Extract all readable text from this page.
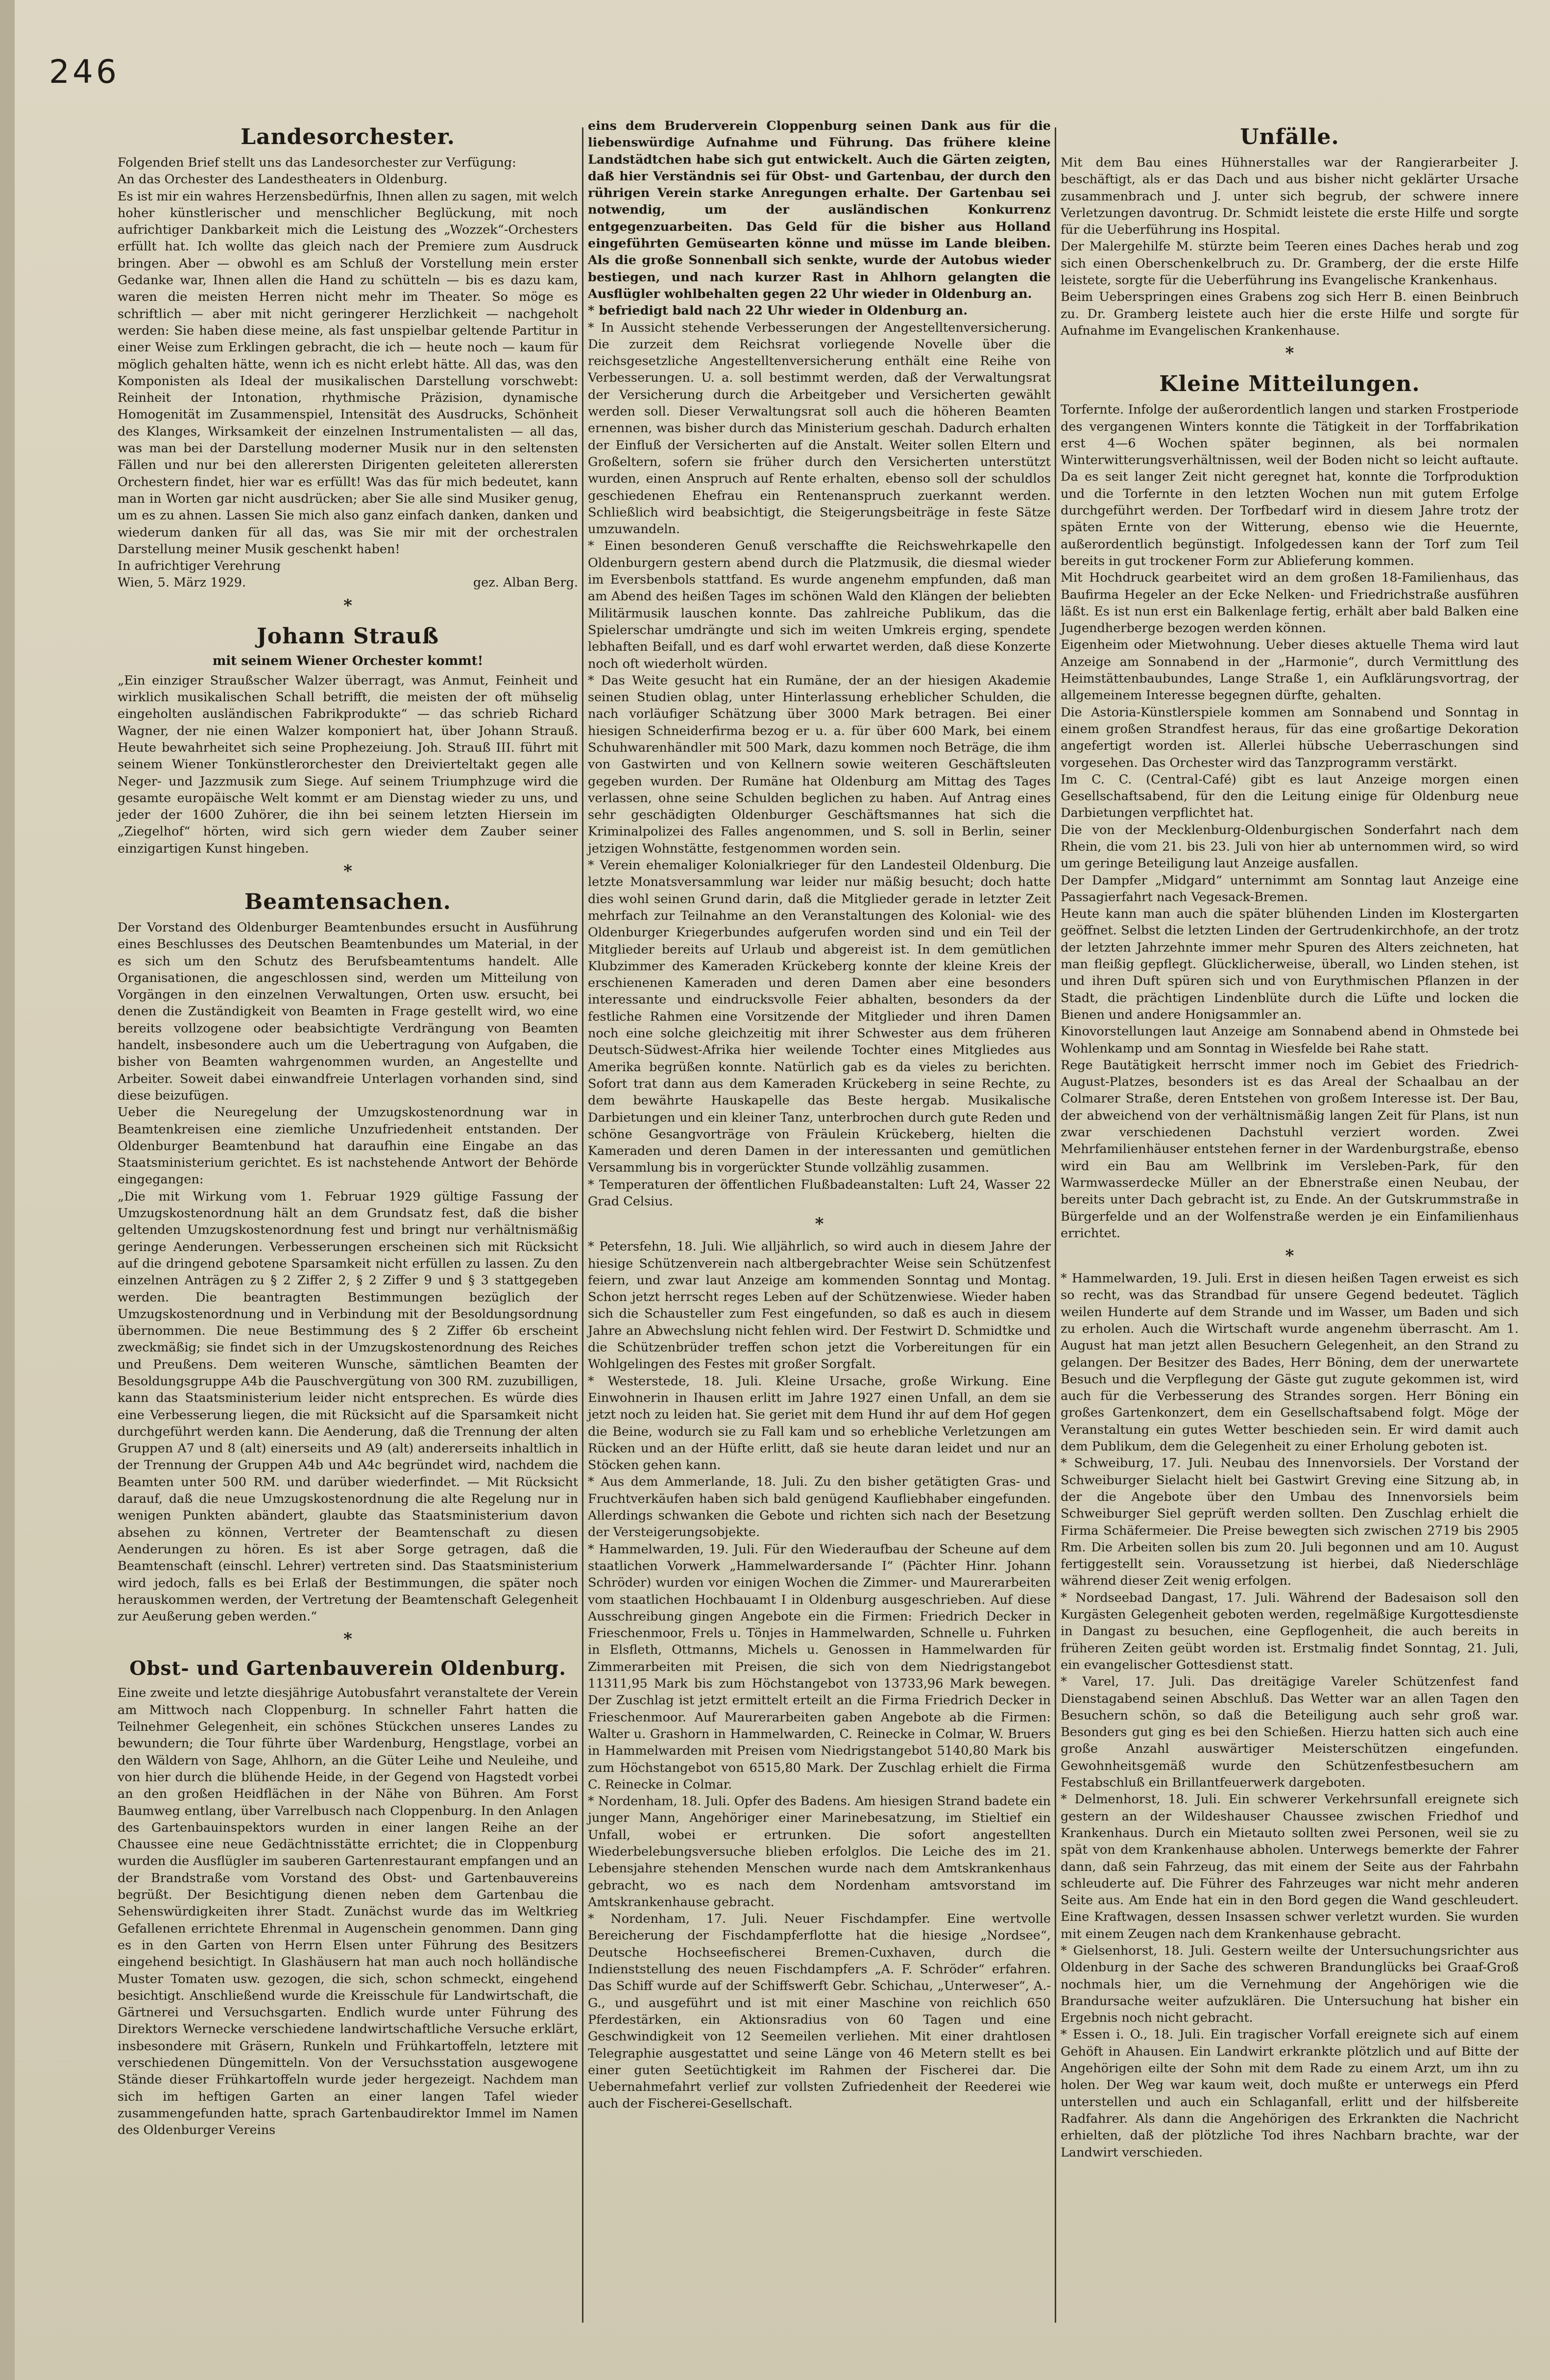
246
Landesorchester.
Folgenden Brief stellt uns das Landesorchester zur Verfügung:
An das Orchester des Landestheaters in Oldenburg.
Es ist mir ein wahres Herzensbedürfnis, Ihnen allen zu sagen, mit welch hoher künstlerischer und menschlicher Beglückung, mit noch aufrichtiger Dankbarkeit mich die Leistung des „Wozzek“-Orchesters erfüllt hat. Ich wollte das gleich nach der Premiere zum Ausdruck bringen. Aber — obwohl es am Schluß der Vorstellung mein erster Gedanke war, Ihnen allen die Hand zu schütteln — bis es dazu kam, waren die meisten Herren nicht mehr im Theater. So möge es schriftlich — aber mit nicht geringerer Herzlichkeit — nachgeholt werden: Sie haben diese meine, als fast unspielbar geltende Partitur in einer Weise zum Erklingen gebracht, die ich — heute noch — kaum für möglich gehalten hätte, wenn ich es nicht erlebt hätte. All das, was den Komponisten als Ideal der musikalischen Darstellung vorschwebt: Reinheit der Intonation, rhythmische Präzision, dynamische Homogenität im Zusammenspiel, Intensität des Ausdrucks, Schönheit des Klanges, Wirksamkeit der einzelnen Instrumentalisten — all das, was man bei der Darstellung moderner Musik nur in den seltensten Fällen und nur bei den allerersten Dirigenten geleiteten allerersten Orchestern findet, hier war es erfüllt! Was das für mich bedeutet, kann man in Worten gar nicht ausdrücken; aber Sie alle sind Musiker genug, um es zu ahnen. Lassen Sie mich also ganz einfach danken, danken und wiederum danken für all das, was Sie mir mit der orchestralen Darstellung meiner Musik geschenkt haben!
In aufrichtiger Verehrung
Wien, 5. März 1929.	gez. Alban Berg.
*
Johann Strauß
mit seinem Wiener Orchester kommt!
„Ein einziger Straußscher Walzer überragt, was Anmut, Feinheit und wirklich musikalischen Schall betrifft, die meisten der oft mühselig eingeholten ausländischen Fabrikprodukte“ — das schrieb Richard Wagner, der nie einen Walzer komponiert hat, über Johann Strauß. Heute bewahrheitet sich seine Prophezeiung. Joh. Strauß III. führt mit seinem Wiener Tonkünstlerorchester den Dreivierteltakt gegen alle Neger- und Jazzmusik zum Siege. Auf seinem Triumphzuge wird die gesamte europäische Welt kommt er am Dienstag wieder zu uns, und jeder der 1600 Zuhörer, die ihn bei seinem letzten Hiersein im „Ziegelhof“ hörten, wird sich gern wieder dem Zauber seiner einzigartigen Kunst hingeben.
*
Beamtensachen.
Der Vorstand des Oldenburger Beamtenbundes ersucht in Ausführung eines Beschlusses des Deutschen Beamtenbundes um Material, in der es sich um den Schutz des Berufsbeamtentums handelt. Alle Organisationen, die angeschlossen sind, werden um Mitteilung von Vorgängen in den einzelnen Verwaltungen, Orten usw. ersucht, bei denen die Zuständigkeit von Beamten in Frage gestellt wird, wo eine bereits vollzogene oder beabsichtigte Verdrängung von Beamten handelt, insbesondere auch um die Uebertragung von Aufgaben, die bisher von Beamten wahrgenommen wurden, an Angestellte und Arbeiter. Soweit dabei einwandfreie Unterlagen vorhanden sind, sind diese beizufügen.
Ueber die Neuregelung der Umzugskostenordnung war in Beamtenkreisen eine ziemliche Unzufriedenheit entstanden. Der Oldenburger Beamtenbund hat daraufhin eine Eingabe an das Staatsministerium gerichtet. Es ist nachstehende Antwort der Behörde eingegangen:
„Die mit Wirkung vom 1. Februar 1929 gültige Fassung der Umzugskostenordnung hält an dem Grundsatz fest, daß die bisher geltenden Umzugskostenordnung fest und bringt nur verhältnismäßig geringe Aenderungen. Verbesserungen erscheinen sich mit Rücksicht auf die dringend gebotene Sparsamkeit nicht erfüllen zu lassen. Zu den einzelnen Anträgen zu § 2 Ziffer 2, § 2 Ziffer 9 und § 3 stattgegeben werden. Die beantragten Bestimmungen bezüglich der Umzugskostenordnung und in Verbindung mit der Besoldungsordnung übernommen. Die neue Bestimmung des § 2 Ziffer 6b erscheint zweckmäßig; sie findet sich in der Umzugskostenordnung des Reiches und Preußens. Dem weiteren Wunsche, sämtlichen Beamten der Besoldungsgruppe A4b die Pauschvergütung von 300 RM. zuzubilligen, kann das Staatsministerium leider nicht entsprechen. Es würde dies eine Verbesserung liegen, die mit Rücksicht auf die Sparsamkeit nicht durchgeführt werden kann. Die Aenderung, daß die Trennung der alten Gruppen A7 und 8 (alt) einerseits und A9 (alt) andererseits inhaltlich in der Trennung der Gruppen A4b und A4c begründet wird, nachdem die Beamten unter 500 RM. und darüber wiederfindet. — Mit Rücksicht darauf, daß die neue Umzugskostenordnung die alte Regelung nur in wenigen Punkten abändert, glaubte das Staatsministerium davon absehen zu können, Vertreter der Beamtenschaft zu diesen Aenderungen zu hören. Es ist aber Sorge getragen, daß die Beamtenschaft (einschl. Lehrer) vertreten sind. Das Staatsministerium wird jedoch, falls es bei Erlaß der Bestimmungen, die später noch herauskommen werden, der Vertretung der Beamtenschaft Gelegenheit zur Aeußerung geben werden.“
*
Obst- und Gartenbauverein Oldenburg.
Eine zweite und letzte diesjährige Autobusfahrt veranstaltete der Verein am Mittwoch nach Cloppenburg. In schneller Fahrt hatten die Teilnehmer Gelegenheit, ein schönes Stückchen unseres Landes zu bewundern; die Tour führte über Wardenburg, Hengstlage, vorbei an den Wäldern von Sage, Ahlhorn, an die Güter Leihe und Neuleihe, und von hier durch die blühende Heide, in der Gegend von Hagstedt vorbei an den großen Heidflächen in der Nähe von Bühren. Am Forst Baumweg entlang, über Varrelbusch nach Cloppenburg. In den Anlagen des Gartenbauinspektors wurden in einer langen Reihe an der Chaussee eine neue Gedächtnisstätte errichtet; die in Cloppenburg wurden die Ausflügler im sauberen Gartenrestaurant empfangen und an der Brandstraße vom Vorstand des Obst- und Gartenbauvereins begrüßt. Der Besichtigung dienen neben dem Gartenbau die Sehenswürdigkeiten ihrer Stadt. Zunächst wurde das im Weltkrieg Gefallenen errichtete Ehrenmal in Augenschein genommen. Dann ging es in den Garten von Herrn Elsen unter Führung des Besitzers eingehend besichtigt. In Glashäusern hat man auch noch holländische Muster Tomaten usw. gezogen, die sich, schon schmeckt, eingehend besichtigt. Anschließend wurde die Kreisschule für Landwirtschaft, die Gärtnerei und Versuchsgarten. Endlich wurde unter Führung des Direktors Wernecke verschiedene landwirtschaftliche Versuche erklärt, insbesondere mit Gräsern, Runkeln und Frühkartoffeln, letztere mit verschiedenen Düngemitteln. Von der Versuchsstation ausgewogene Stände dieser Frühkartoffeln wurde jeder hergezeigt. Nachdem man sich im heftigen Garten an einer langen Tafel wieder zusammengefunden hatte, sprach Gartenbaudirektor Immel im Namen des Oldenburger Vereins
eins dem Bruderverein Cloppenburg seinen Dank aus für die liebenswürdige Aufnahme und Führung. Das frühere kleine Landstädtchen habe sich gut entwickelt. Auch die Gärten zeigten, daß hier Verständnis sei für Obst- und Gartenbau, der durch den rührigen Verein starke Anregungen erhalte. Der Gartenbau sei notwendig, um der ausländischen Konkurrenz entgegenzuarbeiten. Das Geld für die bisher aus Holland eingeführten Gemüsearten könne und müsse im Lande bleiben. Als die große Sonnenball sich senkte, wurde der Autobus wieder bestiegen, und nach kurzer Rast in Ahlhorn gelangten die Ausflügler wohlbehalten gegen 22 Uhr wieder in Oldenburg an.
* befriedigt bald nach 22 Uhr wieder in Oldenburg an.
* In Aussicht stehende Verbesserungen der Angestelltenversicherung. Die zurzeit dem Reichsrat vorliegende Novelle über die reichsgesetzliche Angestelltenversicherung enthält eine Reihe von Verbesserungen. U. a. soll bestimmt werden, daß der Verwaltungsrat der Versicherung durch die Arbeitgeber und Versicherten gewählt werden soll. Dieser Verwaltungsrat soll auch die höheren Beamten ernennen, was bisher durch das Ministerium geschah. Dadurch erhalten der Einfluß der Versicherten auf die Anstalt. Weiter sollen Eltern und Großeltern, sofern sie früher durch den Versicherten unterstützt wurden, einen Anspruch auf Rente erhalten, ebenso soll der schuldlos geschiedenen Ehefrau ein Rentenanspruch zuerkannt werden. Schließlich wird beabsichtigt, die Steigerungsbeiträge in feste Sätze umzuwandeln.
* Einen besonderen Genuß verschaffte die Reichswehrkapelle den Oldenburgern gestern abend durch die Platzmusik, die diesmal wieder im Eversbenbols stattfand. Es wurde angenehm empfunden, daß man am Abend des heißen Tages im schönen Wald den Klängen der beliebten Militärmusik lauschen konnte. Das zahlreiche Publikum, das die Spielerschar umdrängte und sich im weiten Umkreis erging, spendete lebhaften Beifall, und es darf wohl erwartet werden, daß diese Konzerte noch oft wiederholt würden.
* Das Weite gesucht hat ein Rumäne, der an der hiesigen Akademie seinen Studien oblag, unter Hinterlassung erheblicher Schulden, die nach vorläufiger Schätzung über 3000 Mark betragen. Bei einer hiesigen Schneiderfirma bezog er u. a. für über 600 Mark, bei einem Schuhwarenhändler mit 500 Mark, dazu kommen noch Beträge, die ihm von Gastwirten und von Kellnern sowie weiteren Geschäftsleuten gegeben wurden. Der Rumäne hat Oldenburg am Mittag des Tages verlassen, ohne seine Schulden beglichen zu haben. Auf Antrag eines sehr geschädigten Oldenburger Geschäftsmannes hat sich die Kriminalpolizei des Falles angenommen, und S. soll in Berlin, seiner jetzigen Wohnstätte, festgenommen worden sein.
* Verein ehemaliger Kolonialkrieger für den Landesteil Oldenburg. Die letzte Monatsversammlung war leider nur mäßig besucht; doch hatte dies wohl seinen Grund darin, daß die Mitglieder gerade in letzter Zeit mehrfach zur Teilnahme an den Veranstaltungen des Kolonial- wie des Oldenburger Kriegerbundes aufgerufen worden sind und ein Teil der Mitglieder bereits auf Urlaub und abgereist ist. In dem gemütlichen Klubzimmer des Kameraden Krückeberg konnte der kleine Kreis der erschienenen Kameraden und deren Damen aber eine besonders interessante und eindrucksvolle Feier abhalten, besonders da der festliche Rahmen eine Vorsitzende der Mitglieder und ihren Damen noch eine solche gleichzeitig mit ihrer Schwester aus dem früheren Deutsch-Südwest-Afrika hier weilende Tochter eines Mitgliedes aus Amerika begrüßen konnte. Natürlich gab es da vieles zu berichten. Sofort trat dann aus dem Kameraden Krückeberg in seine Rechte, zu dem bewährte Hauskapelle das Beste hergab. Musikalische Darbietungen und ein kleiner Tanz, unterbrochen durch gute Reden und schöne Gesangvorträge von Fräulein Krückeberg, hielten die Kameraden und deren Damen in der interessanten und gemütlichen Versammlung bis in vorgerückter Stunde vollzählig zusammen.
* Temperaturen der öffentlichen Flußbadeanstalten: Luft 24, Wasser 22 Grad Celsius.
*
* Petersfehn, 18. Juli. Wie alljährlich, so wird auch in diesem Jahre der hiesige Schützenverein nach altbergebrachter Weise sein Schützenfest feiern, und zwar laut Anzeige am kommenden Sonntag und Montag. Schon jetzt herrscht reges Leben auf der Schützenwiese. Wieder haben sich die Schausteller zum Fest eingefunden, so daß es auch in diesem Jahre an Abwechslung nicht fehlen wird. Der Festwirt D. Schmidtke und die Schützenbrüder treffen schon jetzt die Vorbereitungen für ein Wohlgelingen des Festes mit großer Sorgfalt.
* Westerstede, 18. Juli. Kleine Ursache, große Wirkung. Eine Einwohnerin in Ihausen erlitt im Jahre 1927 einen Unfall, an dem sie jetzt noch zu leiden hat. Sie geriet mit dem Hund ihr auf dem Hof gegen die Beine, wodurch sie zu Fall kam und so erhebliche Verletzungen am Rücken und an der Hüfte erlitt, daß sie heute daran leidet und nur an Stöcken gehen kann.
* Aus dem Ammerlande, 18. Juli. Zu den bisher getätigten Gras- und Fruchtverkäufen haben sich bald genügend Kaufliebhaber eingefunden. Allerdings schwanken die Gebote und richten sich nach der Besetzung der Versteigerungsobjekte.
* Hammelwarden, 19. Juli. Für den Wiederaufbau der Scheune auf dem staatlichen Vorwerk „Hammelwardersande I“ (Pächter Hinr. Johann Schröder) wurden vor einigen Wochen die Zimmer- und Maurerarbeiten vom staatlichen Hochbauamt I in Oldenburg ausgeschrieben. Auf diese Ausschreibung gingen Angebote ein die Firmen: Friedrich Decker in Frieschenmoor, Frels u. Tönjes in Hammelwarden, Schnelle u. Fuhrken in Elsfleth, Ottmanns, Michels u. Genossen in Hammelwarden für Zimmerarbeiten mit Preisen, die sich von dem Niedrigstangebot 11311,95 Mark bis zum Höchstangebot von 13733,96 Mark bewegen. Der Zuschlag ist jetzt ermittelt erteilt an die Firma Friedrich Decker in Frieschenmoor. Auf Maurerarbeiten gaben Angebote ab die Firmen: Walter u. Grashorn in Hammelwarden, C. Reinecke in Colmar, W. Bruers in Hammelwarden mit Preisen vom Niedrigstangebot 5140,80 Mark bis zum Höchstangebot von 6515,80 Mark. Der Zuschlag erhielt die Firma C. Reinecke in Colmar.
* Nordenham, 18. Juli. Opfer des Badens. Am hiesigen Strand badete ein junger Mann, Angehöriger einer Marinebesatzung, im Stieltief ein Unfall, wobei er ertrunken. Die sofort angestellten Wiederbelebungsversuche blieben erfolglos. Die Leiche des im 21. Lebensjahre stehenden Menschen wurde nach dem Amtskrankenhaus gebracht, wo es nach dem Nordenham amtsvorstand im Amtskrankenhause gebracht.
* Nordenham, 17. Juli. Neuer Fischdampfer. Eine wertvolle Bereicherung der Fischdampferflotte hat die hiesige „Nordsee“, Deutsche Hochseefischerei Bremen-Cuxhaven, durch die Indienststellung des neuen Fischdampfers „A. F. Schröder“ erfahren. Das Schiff wurde auf der Schiffswerft Gebr. Schichau, „Unterweser“, A.-G., und ausgeführt und ist mit einer Maschine von reichlich 650 Pferdestärken, ein Aktionsradius von 60 Tagen und eine Geschwindigkeit von 12 Seemeilen verliehen. Mit einer drahtlosen Telegraphie ausgestattet und seine Länge von 46 Metern stellt es bei einer guten Seetüchtigkeit im Rahmen der Fischerei dar. Die Uebernahmefahrt verlief zur vollsten Zufriedenheit der Reederei wie auch der Fischerei-Gesellschaft.
Unfälle.
Mit dem Bau eines Hühnerstalles war der Rangierarbeiter J. beschäftigt, als er das Dach und aus bisher nicht geklärter Ursache zusammenbrach und J. unter sich begrub, der schwere innere Verletzungen davontrug. Dr. Schmidt leistete die erste Hilfe und sorgte für die Ueberführung ins Hospital.
Der Malergehilfe M. stürzte beim Teeren eines Daches herab und zog sich einen Oberschenkelbruch zu. Dr. Gramberg, der die erste Hilfe leistete, sorgte für die Ueberführung ins Evangelische Krankenhaus.
Beim Ueberspringen eines Grabens zog sich Herr B. einen Beinbruch zu. Dr. Gramberg leistete auch hier die erste Hilfe und sorgte für Aufnahme im Evangelischen Krankenhause.
*
Kleine Mitteilungen.
Torfernte. Infolge der außerordentlich langen und starken Frostperiode des vergangenen Winters konnte die Tätigkeit in der Torffabrikation erst 4—6 Wochen später beginnen, als bei normalen Winterwitterungsverhältnissen, weil der Boden nicht so leicht auftaute. Da es seit langer Zeit nicht geregnet hat, konnte die Torfproduktion und die Torfernte in den letzten Wochen nun mit gutem Erfolge durchgeführt werden. Der Torfbedarf wird in diesem Jahre trotz der späten Ernte von der Witterung, ebenso wie die Heuernte, außerordentlich begünstigt. Infolgedessen kann der Torf zum Teil bereits in gut trockener Form zur Ablieferung kommen.
Mit Hochdruck gearbeitet wird an dem großen 18-Familienhaus, das Baufirma Hegeler an der Ecke Nelken- und Friedrichstraße ausführen läßt. Es ist nun erst ein Balkenlage fertig, erhält aber bald Balken eine Jugendherberge bezogen werden können.
Eigenheim oder Mietwohnung. Ueber dieses aktuelle Thema wird laut Anzeige am Sonnabend in der „Harmonie“, durch Vermittlung des Heimstättenbaubundes, Lange Straße 1, ein Aufklärungsvortrag, der allgemeinem Interesse begegnen dürfte, gehalten.
Die Astoria-Künstlerspiele kommen am Sonnabend und Sonntag in einem großen Strandfest heraus, für das eine großartige Dekoration angefertigt worden ist. Allerlei hübsche Ueberraschungen sind vorgesehen. Das Orchester wird das Tanzprogramm verstärkt.
Im C. C. (Central-Café) gibt es laut Anzeige morgen einen Gesellschaftsabend, für den die Leitung einige für Oldenburg neue Darbietungen verpflichtet hat.
Die von der Mecklenburg-Oldenburgischen Sonderfahrt nach dem Rhein, die vom 21. bis 23. Juli von hier ab unternommen wird, so wird um geringe Beteiligung laut Anzeige ausfallen.
Der Dampfer „Midgard“ unternimmt am Sonntag laut Anzeige eine Passagierfahrt nach Vegesack-Bremen.
Heute kann man auch die später blühenden Linden im Klostergarten geöffnet. Selbst die letzten Linden der Gertrudenkirchhofe, an der trotz der letzten Jahrzehnte immer mehr Spuren des Alters zeichneten, hat man fleißig gepflegt. Glücklicherweise, überall, wo Linden stehen, ist und ihren Duft spüren sich und von Eurythmischen Pflanzen in der Stadt, die prächtigen Lindenblüte durch die Lüfte und locken die Bienen und andere Honigsammler an.
Kinovorstellungen laut Anzeige am Sonnabend abend in Ohmstede bei Wohlenkamp und am Sonntag in Wiesfelde bei Rahe statt.
Rege Bautätigkeit herrscht immer noch im Gebiet des Friedrich-August-Platzes, besonders ist es das Areal der Schaalbau an der Colmarer Straße, deren Entstehen von großem Interesse ist. Der Bau, der abweichend von der verhältnismäßig langen Zeit für Plans, ist nun zwar verschiedenen Dachstuhl verziert worden. Zwei Mehrfamilienhäuser entstehen ferner in der Wardenburgstraße, ebenso wird ein Bau am Wellbrink im Versleben-Park, für den Warmwasserdecke Müller an der Ebnerstraße einen Neubau, der bereits unter Dach gebracht ist, zu Ende. An der Gutskrummstraße in Bürgerfelde und an der Wolfenstraße werden je ein Einfamilienhaus errichtet.
*
* Hammelwarden, 19. Juli. Erst in diesen heißen Tagen erweist es sich so recht, was das Strandbad für unsere Gegend bedeutet. Täglich weilen Hunderte auf dem Strande und im Wasser, um Baden und sich zu erholen. Auch die Wirtschaft wurde angenehm überrascht. Am 1. August hat man jetzt allen Besuchern Gelegenheit, an den Strand zu gelangen. Der Besitzer des Bades, Herr Böning, dem der unerwartete Besuch und die Verpflegung der Gäste gut zugute gekommen ist, wird auch für die Verbesserung des Strandes sorgen. Herr Böning ein großes Gartenkonzert, dem ein Gesellschaftsabend folgt. Möge der Veranstaltung ein gutes Wetter beschieden sein. Er wird damit auch dem Publikum, dem die Gelegenheit zu einer Erholung geboten ist.
* Schweiburg, 17. Juli. Neubau des Innenvorsiels. Der Vorstand der Schweiburger Sielacht hielt bei Gastwirt Greving eine Sitzung ab, in der die Angebote über den Umbau des Innenvorsiels beim Schweiburger Siel geprüft werden sollten. Den Zuschlag erhielt die Firma Schäfermeier. Die Preise bewegten sich zwischen 2719 bis 2905 Rm. Die Arbeiten sollen bis zum 20. Juli begonnen und am 10. August fertiggestellt sein. Voraussetzung ist hierbei, daß Niederschläge während dieser Zeit wenig erfolgen.
* Nordseebad Dangast, 17. Juli. Während der Badesaison soll den Kurgästen Gelegenheit geboten werden, regelmäßige Kurgottesdienste in Dangast zu besuchen, eine Gepflogenheit, die auch bereits in früheren Zeiten geübt worden ist. Erstmalig findet Sonntag, 21. Juli, ein evangelischer Gottesdienst statt.
* Varel, 17. Juli. Das dreitägige Vareler Schützenfest fand Dienstagabend seinen Abschluß. Das Wetter war an allen Tagen den Besuchern schön, so daß die Beteiligung auch sehr groß war. Besonders gut ging es bei den Schießen. Hierzu hatten sich auch eine große Anzahl auswärtiger Meisterschützen eingefunden. Gewohnheitsgemäß wurde den Schützenfestbesuchern am Festabschluß ein Brillantfeuerwerk dargeboten.
* Delmenhorst, 18. Juli. Ein schwerer Verkehrsunfall ereignete sich gestern an der Wildeshauser Chaussee zwischen Friedhof und Krankenhaus. Durch ein Mietauto sollten zwei Personen, weil sie zu spät von dem Krankenhause abholen. Unterwegs bemerkte der Fahrer dann, daß sein Fahrzeug, das mit einem der Seite aus der Fahrbahn schleuderte auf. Die Führer des Fahrzeuges war nicht mehr anderen Seite aus. Am Ende hat ein in den Bord gegen die Wand geschleudert. Eine Kraftwagen, dessen Insassen schwer verletzt wurden. Sie wurden mit einem Zeugen nach dem Krankenhause gebracht.
* Gielsenhorst, 18. Juli. Gestern weilte der Untersuchungsrichter aus Oldenburg in der Sache des schweren Brandunglücks bei Graaf-Groß nochmals hier, um die Vernehmung der Angehörigen wie die Brandursache weiter aufzuklären. Die Untersuchung hat bisher ein Ergebnis noch nicht gebracht.
* Essen i. O., 18. Juli. Ein tragischer Vorfall ereignete sich auf einem Gehöft in Ahausen. Ein Landwirt erkrankte plötzlich und auf Bitte der Angehörigen eilte der Sohn mit dem Rade zu einem Arzt, um ihn zu holen. Der Weg war kaum weit, doch mußte er unterwegs ein Pferd unterstellen und auch ein Schlaganfall, erlitt und der hilfsbereite Radfahrer. Als dann die Angehörigen des Erkrankten die Nachricht erhielten, daß der plötzliche Tod ihres Nachbarn brachte, war der Landwirt verschieden.
